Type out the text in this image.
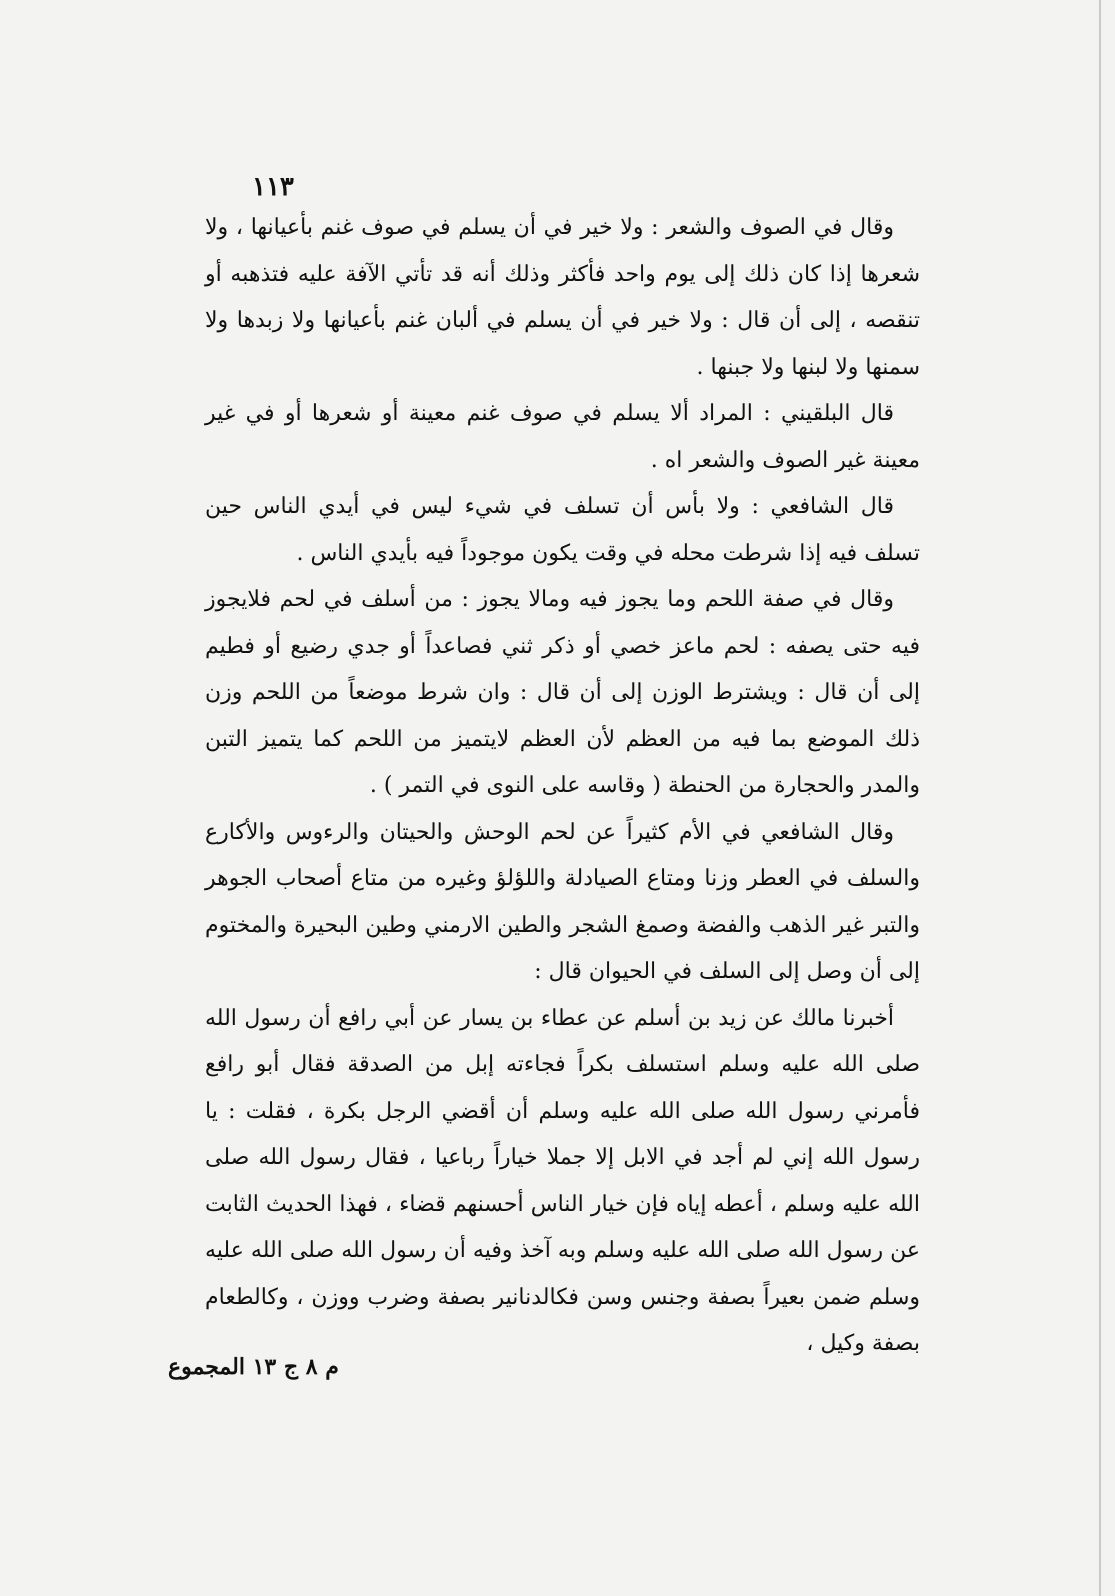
١١٣

وقال في الصوف والشعر : ولا خير في أن يسلم في صوف غنم بأعيانها ، ولا شعرها إذا كان ذلك إلى يوم واحد فأكثر وذلك أنه قد تأتي الآفة عليه فتذهبه أو تنقصه ، إلى أن قال : ولا خير في أن يسلم في ألبان غنم بأعيانها ولا زبدها ولا سمنها ولا لبنها ولا جبنها .

قال البلقيني : المراد ألا يسلم في صوف غنم معينة أو شعرها أو في غير معينة غير الصوف والشعر اه .

قال الشافعي : ولا بأس أن تسلف في شيء ليس في أيدي الناس حين تسلف فيه إذا شرطت محله في وقت يكون موجوداً فيه بأيدي الناس .

وقال في صفة اللحم وما يجوز فيه ومالا يجوز : من أسلف في لحم فلايجوز فيه حتى يصفه : لحم ماعز خصي أو ذكر ثني فصاعداً أو جدي رضيع أو فطيم إلى أن قال : ويشترط الوزن إلى أن قال : وان شرط موضعاً من اللحم وزن ذلك الموضع بما فيه من العظم لأن العظم لايتميز من اللحم كما يتميز التبن والمدر والحجارة من الحنطة ( وقاسه على النوى في التمر ) .

وقال الشافعي في الأم كثيراً عن لحم الوحش والحيتان والرءوس والأكارع والسلف في العطر وزنا ومتاع الصيادلة واللؤلؤ وغيره من متاع أصحاب الجوهر والتبر غير الذهب والفضة وصمغ الشجر والطين الارمني وطين البحيرة والمختوم إلى أن وصل إلى السلف في الحيوان قال :

أخبرنا مالك عن زيد بن أسلم عن عطاء بن يسار عن أبي رافع أن رسول الله صلى الله عليه وسلم استسلف بكراً فجاءته إبل من الصدقة فقال أبو رافع فأمرني رسول الله صلى الله عليه وسلم أن أقضي الرجل بكرة ، فقلت : يا رسول الله إني لم أجد في الابل إلا جملا خياراً رباعيا ، فقال رسول الله صلى الله عليه وسلم ، أعطه إياه فإن خيار الناس أحسنهم قضاء ، فهذا الحديث الثابت عن رسول الله صلى الله عليه وسلم وبه آخذ وفيه أن رسول الله صلى الله عليه وسلم ضمن بعيراً بصفة وجنس وسن فكالدنانير بصفة وضرب ووزن ، وكالطعام بصفة وكيل ،

م ٨ ج ١٣ المجموع
